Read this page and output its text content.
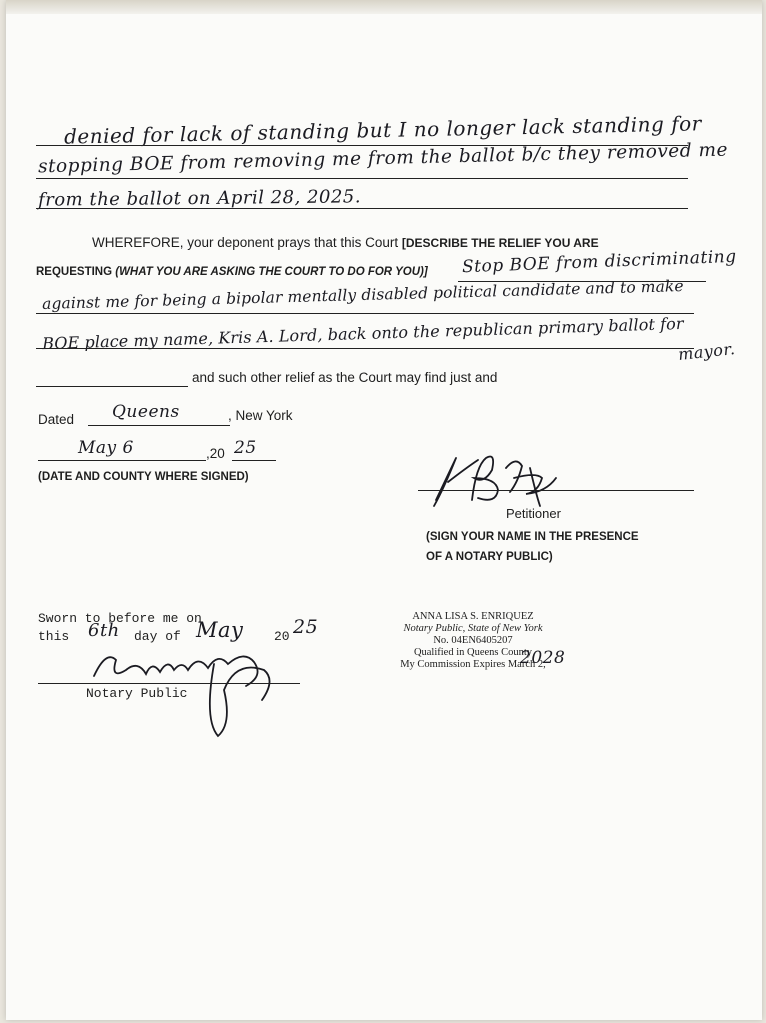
denied for lack of standing but I no longer lack standing for
stopping BOE from removing me from the ballot b/c they removed me
from the ballot on April 28, 2025.
WHEREFORE, your deponent prays that this Court [DESCRIBE THE RELIEF YOU ARE
REQUESTING (WHAT YOU ARE ASKING THE COURT TO DO FOR YOU)] Stop BOE from discriminating
against me for being a bipolar mentally disabled political candidate and to make
BOE place my name, Kris A. Lord, back onto the republican primary ballot for
mayor.
and such other relief as the Court may find just and
Dated Queens	, New York
May 6	,20 25
(DATE AND COUNTY WHERE SIGNED)
Petitioner
(SIGN YOUR NAME IN THE PRESENCE
OF A NOTARY PUBLIC)
Sworn to before me on
this 6th day of May 20 25
Notary Public
ANNA LISA S. ENRIQUEZ
Notary Public, State of New York
No. 04EN6405207
Qualified in Queens County
My Commission Expires March 2,
2028
